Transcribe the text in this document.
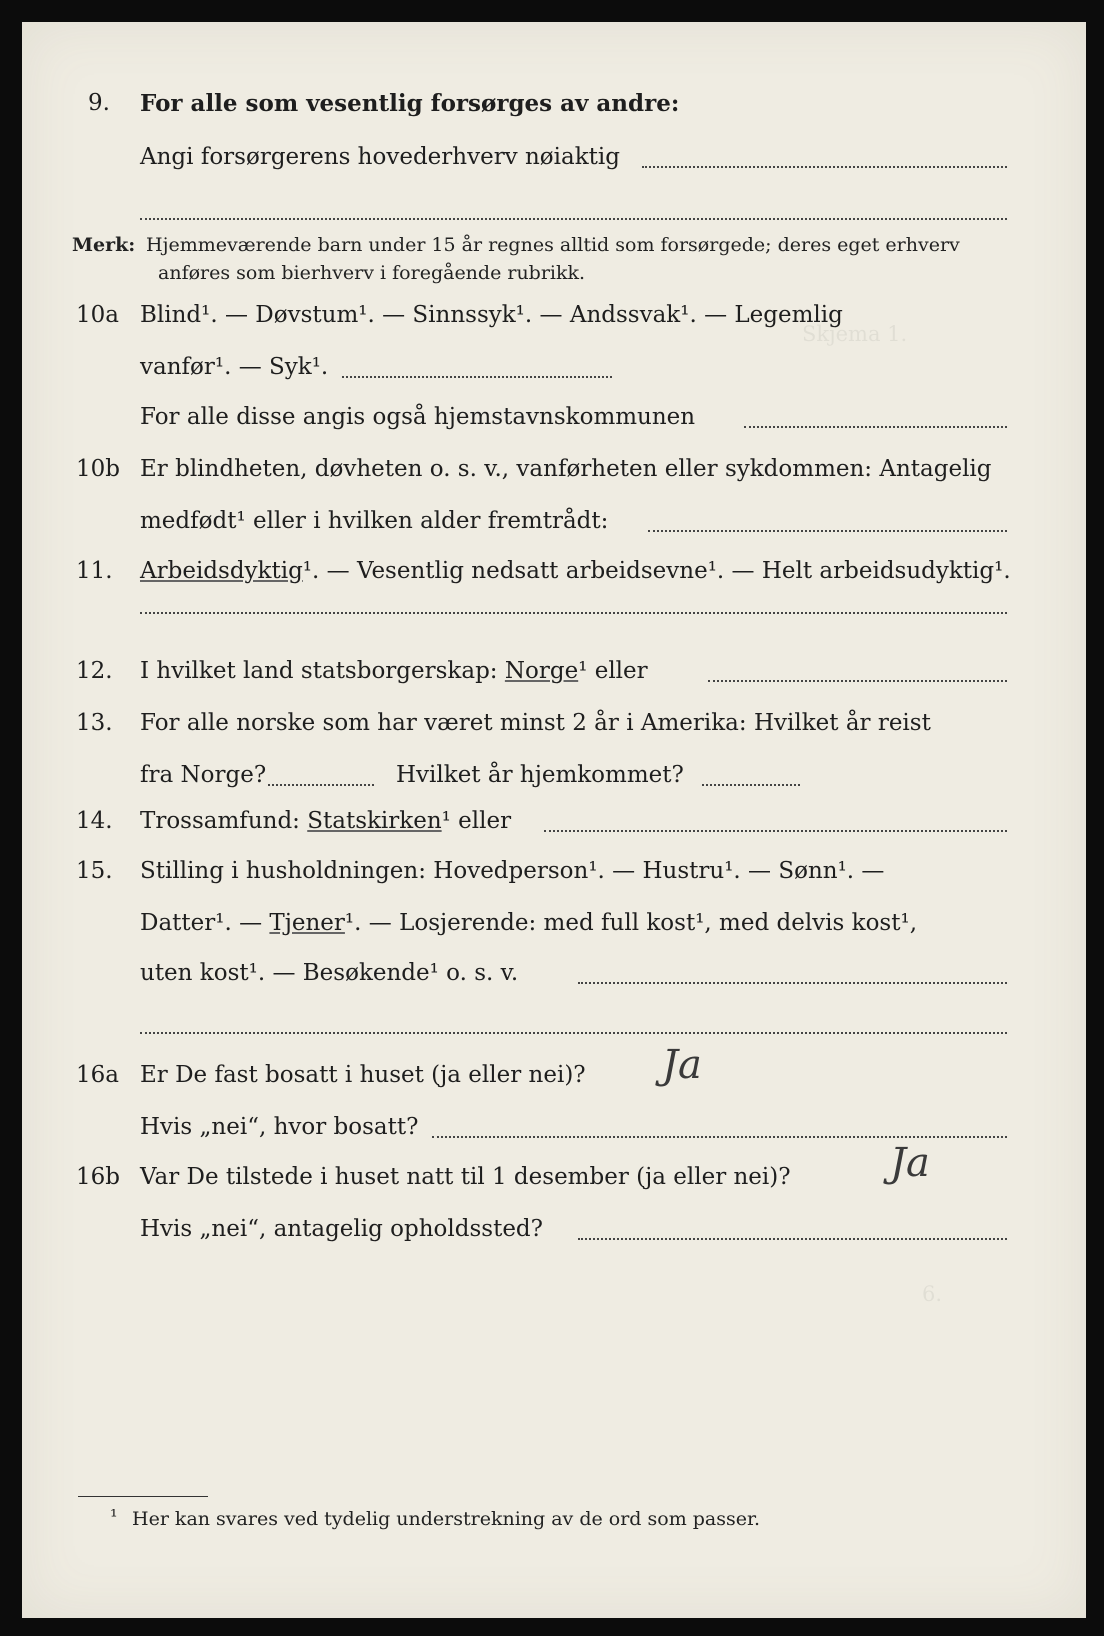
Skjema 1.
6.
9. For alle som vesentlig forsørges av andre:
Angi forsørgerens hovederhverv nøiaktig
Merk: Hjemmeværende barn under 15 år regnes alltid som forsørgede; deres eget erhverv
anføres som bierhverv i foregående rubrikk.
10a Blind¹. — Døvstum¹. — Sinnssyk¹. — Andssvak¹. — Legemlig
vanfør¹. — Syk¹.
For alle disse angis også hjemstavnskommunen
10b Er blindheten, døvheten o. s. v., vanførheten eller sykdommen: Antagelig
medfødt¹ eller i hvilken alder fremtrådt:
11. Arbeidsdyktig¹. — Vesentlig nedsatt arbeidsevne¹. — Helt arbeidsudyktig¹.
12. I hvilket land statsborgerskap: Norge¹ eller
13. For alle norske som har været minst 2 år i Amerika: Hvilket år reist
fra Norge?	Hvilket år hjemkommet?
14. Trossamfund: Statskirken¹ eller
15. Stilling i husholdningen: Hovedperson¹. — Hustru¹. — Sønn¹. —
Datter¹. — Tjener¹. — Losjerende: med full kost¹, med delvis kost¹,
uten kost¹. — Besøkende¹ o. s. v.
16a Er De fast bosatt i huset (ja eller nei)? Ja
Hvis „nei“, hvor bosatt?
16b Var De tilstede i huset natt til 1 desember (ja eller nei)? Ja
Hvis „nei“, antagelig opholdssted?
¹ Her kan svares ved tydelig understrekning av de ord som passer.
